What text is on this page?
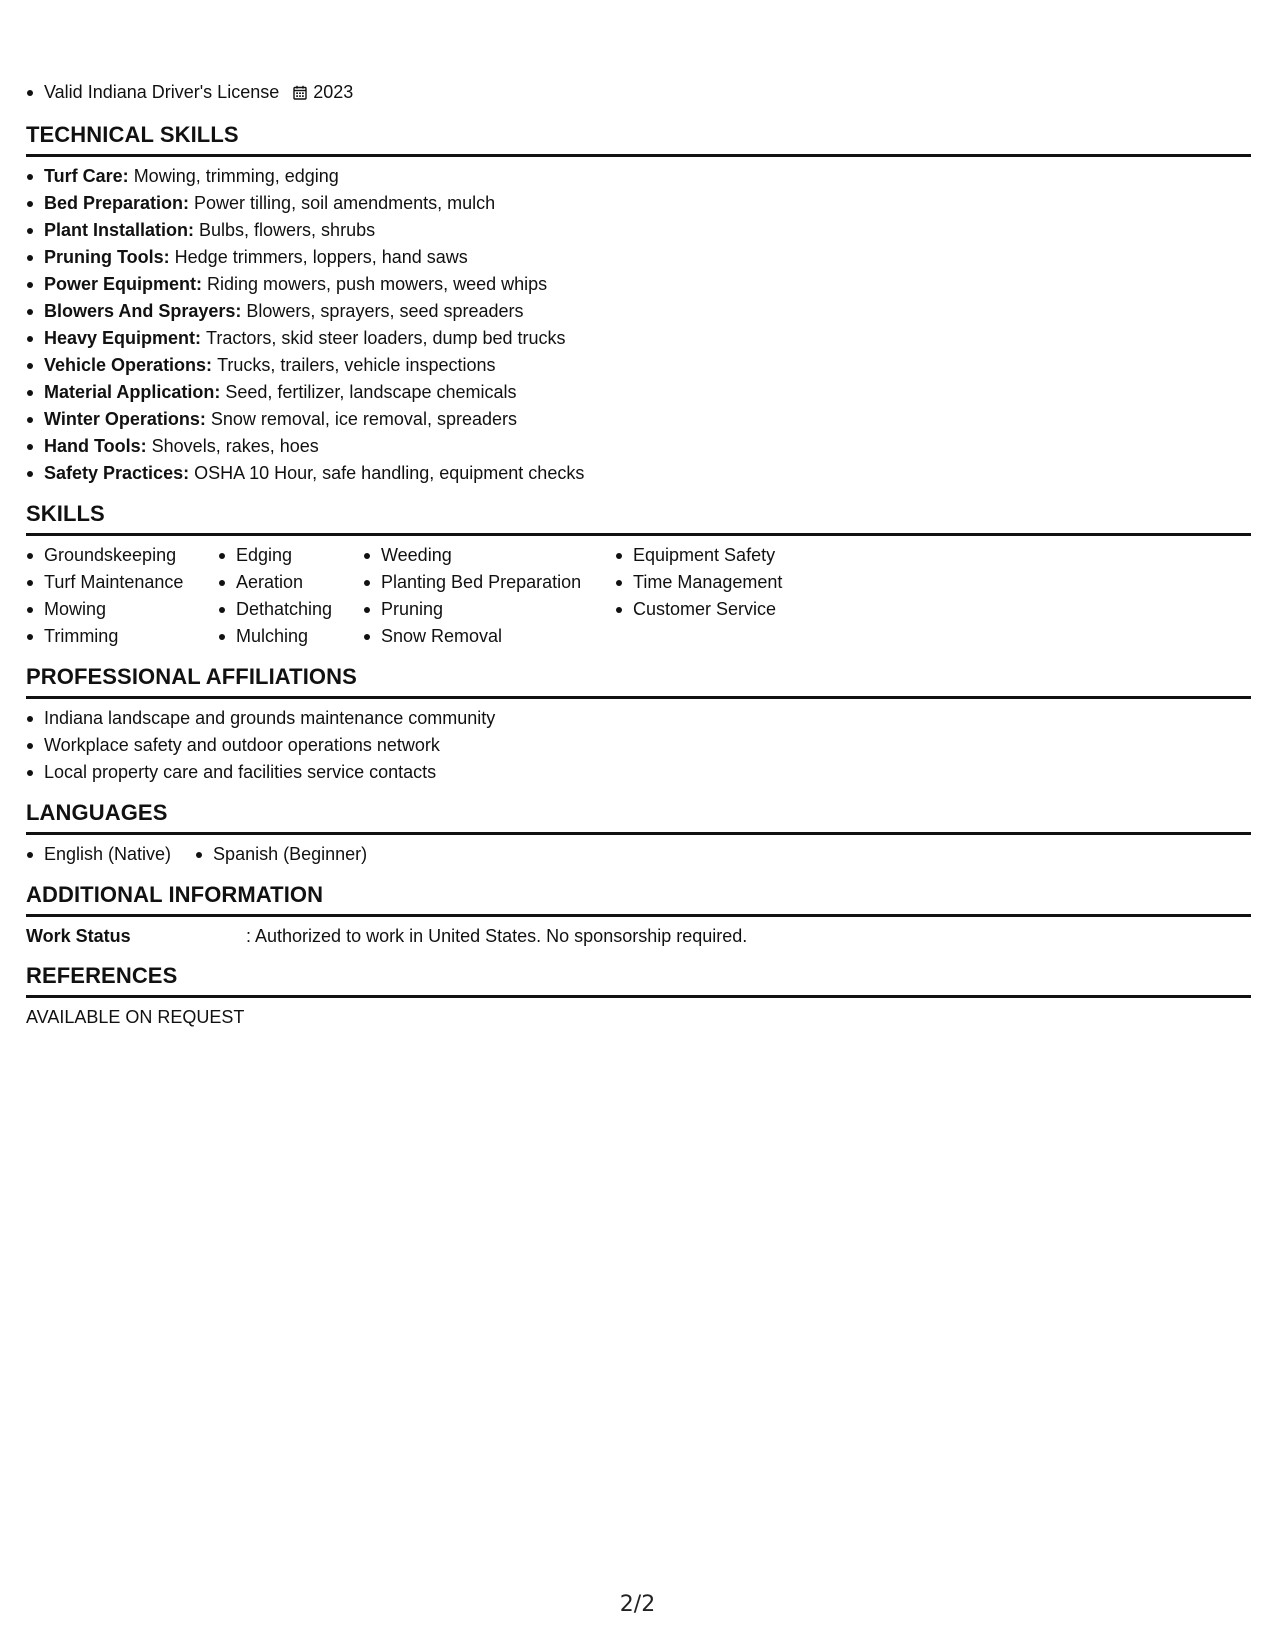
Valid Indiana Driver's License 2023
TECHNICAL SKILLS
Turf Care: Mowing, trimming, edging
Bed Preparation: Power tilling, soil amendments, mulch
Plant Installation: Bulbs, flowers, shrubs
Pruning Tools: Hedge trimmers, loppers, hand saws
Power Equipment: Riding mowers, push mowers, weed whips
Blowers And Sprayers: Blowers, sprayers, seed spreaders
Heavy Equipment: Tractors, skid steer loaders, dump bed trucks
Vehicle Operations: Trucks, trailers, vehicle inspections
Material Application: Seed, fertilizer, landscape chemicals
Winter Operations: Snow removal, ice removal, spreaders
Hand Tools: Shovels, rakes, hoes
Safety Practices: OSHA 10 Hour, safe handling, equipment checks
SKILLS
Groundskeeping
Turf Maintenance
Mowing
Trimming
Edging
Aeration
Dethatching
Mulching
Weeding
Planting Bed Preparation
Pruning
Snow Removal
Equipment Safety
Time Management
Customer Service
PROFESSIONAL AFFILIATIONS
Indiana landscape and grounds maintenance community
Workplace safety and outdoor operations network
Local property care and facilities service contacts
LANGUAGES
English (Native) Spanish (Beginner)
ADDITIONAL INFORMATION
Work Status	: Authorized to work in United States. No sponsorship required.
REFERENCES
AVAILABLE ON REQUEST
2/2
